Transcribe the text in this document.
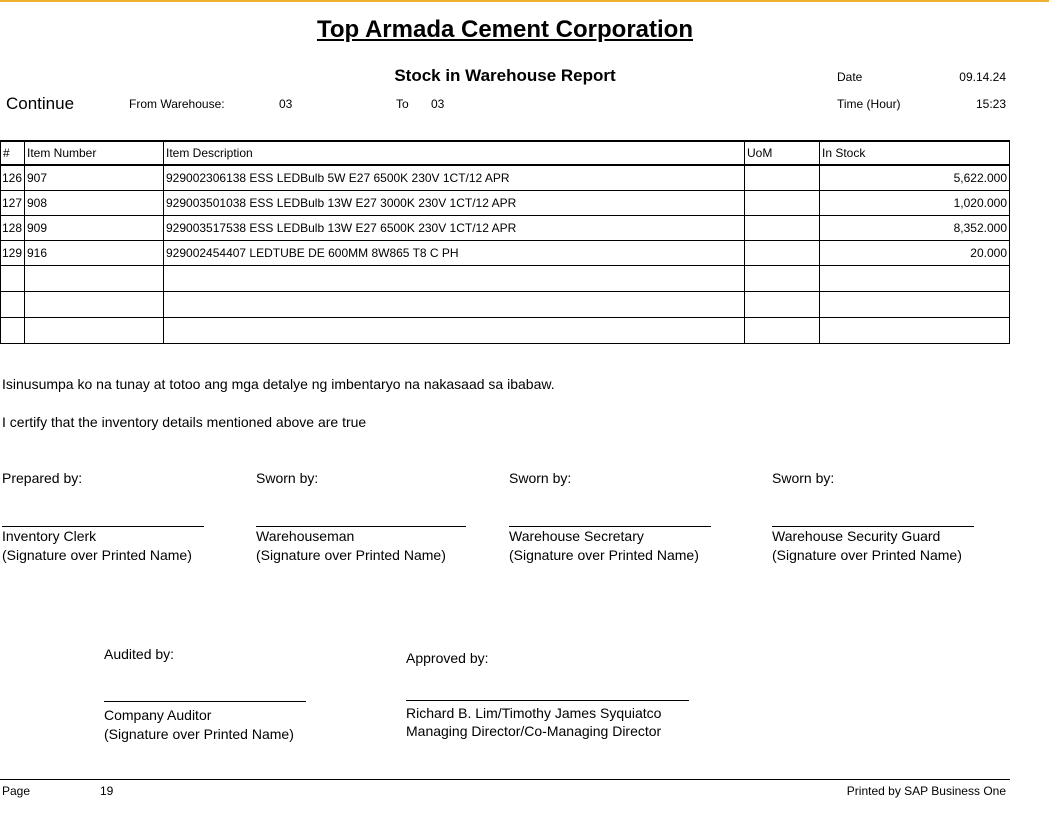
Top Armada Cement Corporation
Stock in Warehouse Report	Date	09.14.24
Time (Hour)	15:23
Continue	From Warehouse:	03	To 03
#	Item Number	Item Description	UoM	In Stock
126	907	929002306138 ESS LEDBulb 5W E27 6500K 230V 1CT/12 APR		5,622.000
127	908	929003501038 ESS LEDBulb 13W E27 3000K 230V 1CT/12 APR		1,020.000
128	909	929003517538 ESS LEDBulb 13W E27 6500K 230V 1CT/12 APR		8,352.000
129	916	929002454407 LEDTUBE DE 600MM 8W865 T8 C PH		20.000

Isinusumpa ko na tunay at totoo ang mga detalye ng imbentaryo na nakasaad sa ibabaw.
I certify that the inventory details mentioned above are true
Prepared by:
Inventory Clerk
(Signature over Printed Name)
Sworn by:
Warehouseman
(Signature over Printed Name)
Sworn by:
Warehouse Secretary
(Signature over Printed Name)
Sworn by:
Warehouse Security Guard
(Signature over Printed Name)
Audited by:
Company Auditor
(Signature over Printed Name)
Approved by:
Richard B. Lim/Timothy James Syquiatco
Managing Director/Co-Managing Director
Page	19	Printed by SAP Business One
